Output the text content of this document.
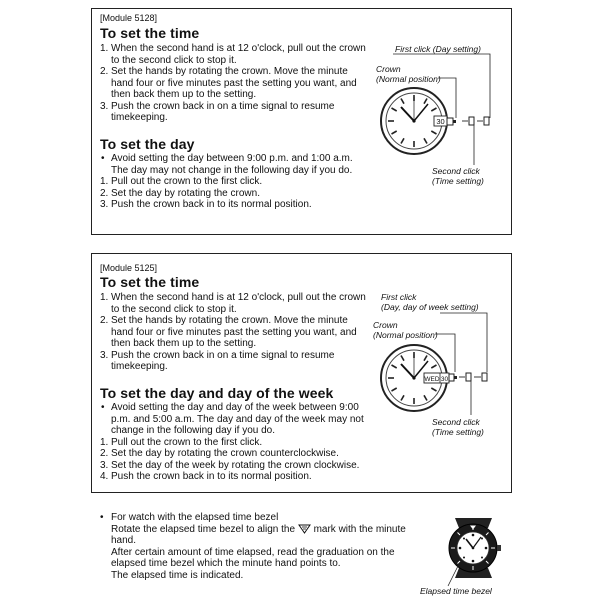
[Module 5128]
To set the time
1. When the second hand is at 12 o'clock, pull out the crown to the second click to stop it.
2. Set the hands by rotating the crown. Move the minute hand four or five minutes past the setting you want, and then back them up to the setting.
3. Push the crown back in on a time signal to resume timekeeping.
To set the day
• Avoid setting the day between 9:00 p.m. and 1:00 a.m. The day may not change in the following day if you do.
1. Pull out the crown to the first click.
2. Set the day by rotating the crown.
3. Push the crown back in to its normal position.
First click (Day setting)
Crown
(Normal position)
Second click
(Time setting)
30
[Module 5125]
To set the time
1. When the second hand is at 12 o'clock, pull out the crown to the second click to stop it.
2. Set the hands by rotating the crown. Move the minute hand four or five minutes past the setting you want, and then back them up to the setting.
3. Push the crown back in on a time signal to resume timekeeping.
To set the day and day of the week
• Avoid setting the day and day of the week between 9:00 p.m. and 5:00 a.m. The day and day of the week may not change in the following day if you do.
1. Pull out the crown to the first click.
2. Set the day by rotating the crown counterclockwise.
3. Set the day of the week by rotating the crown clockwise.
4. Push the crown back in to its normal position.
First click
(Day, day of week setting)
Crown
(Normal position)
Second click
(Time setting)
WED 30
• For watch with the elapsed time bezel
Rotate the elapsed time bezel to align the mark with the minute hand.
After certain amount of time elapsed, read the graduation on the elapsed time bezel which the minute hand points to.
The elapsed time is indicated.
Elapsed time bezel
